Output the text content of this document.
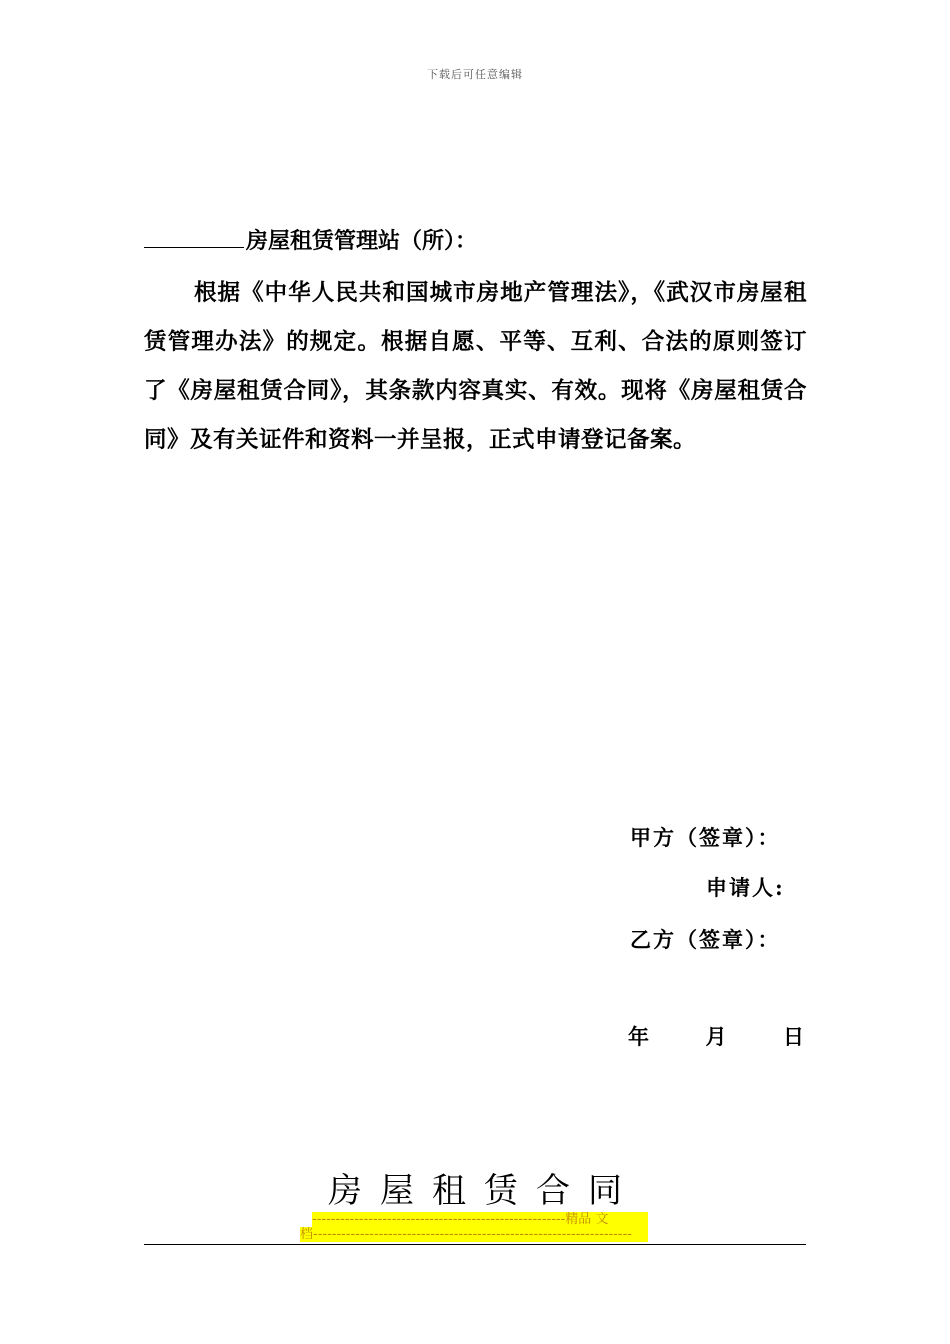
下载后可任意编辑
房屋租赁管理站（所）：
根据《中华人民共和国城市房地产管理法》，《武汉市房屋租赁管理办法》的规定。根据自愿、平等、互利、合法的原则签订了《房屋租赁合同》，其条款内容真实、有效。现将《房屋租赁合同》及有关证件和资料一并呈报，正式申请登记备案。
甲方（签章）：
申请人:
乙方（签章）：
年	月	日
房屋租赁合同
------------------------------------------------------精品 文
档--------------------------------------------------------------------
